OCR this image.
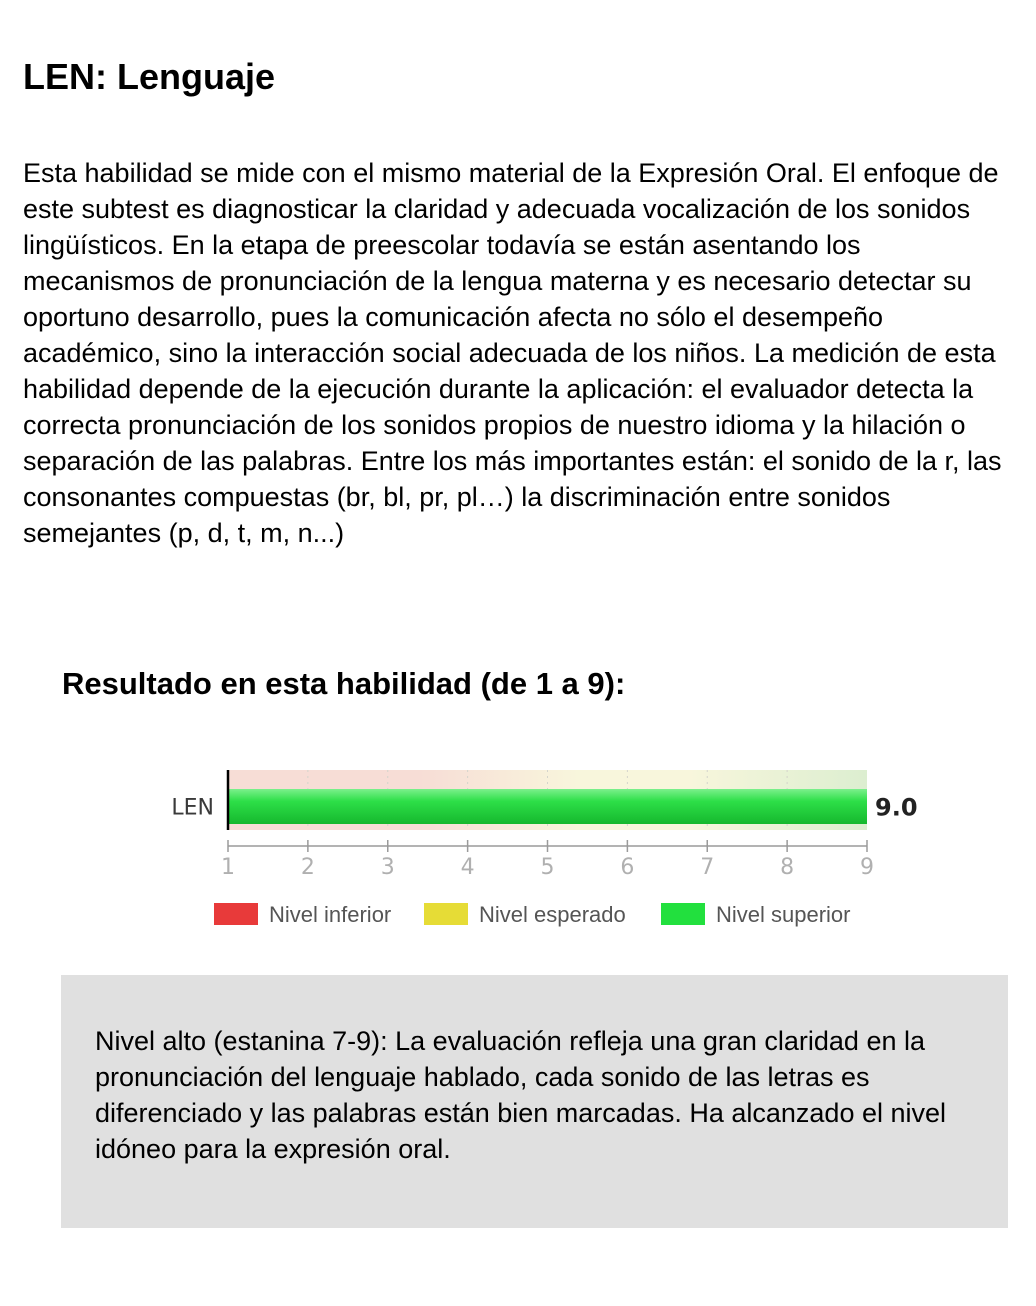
LEN: Lenguaje

Esta habilidad se mide con el mismo material de la Expresión Oral. El enfoque de este subtest es diagnosticar la claridad y adecuada vocalización de los sonidos lingüísticos. En la etapa de preescolar todavía se están asentando los mecanismos de pronunciación de la lengua materna y es necesario detectar su oportuno desarrollo, pues la comunicación afecta no sólo el desempeño académico, sino la interacción social adecuada de los niños. La medición de esta habilidad depende de la ejecución durante la aplicación: el evaluador detecta la correcta pronunciación de los sonidos propios de nuestro idioma y la hilación o separación de las palabras. Entre los más importantes están: el sonido de la r, las consonantes compuestas (br, bl, pr, pl…) la discriminación entre sonidos semejantes (p, d, t, m, n...)

Resultado en esta habilidad (de 1 a 9):
LEN	9.0
1	2	3	4	5	6	7	8	9
Nivel inferior	Nivel esperado	Nivel superior

Nivel alto (estanina 7-9): La evaluación refleja una gran claridad en la pronunciación del lenguaje hablado, cada sonido de las letras es diferenciado y las palabras están bien marcadas. Ha alcanzado el nivel idóneo para la expresión oral.
